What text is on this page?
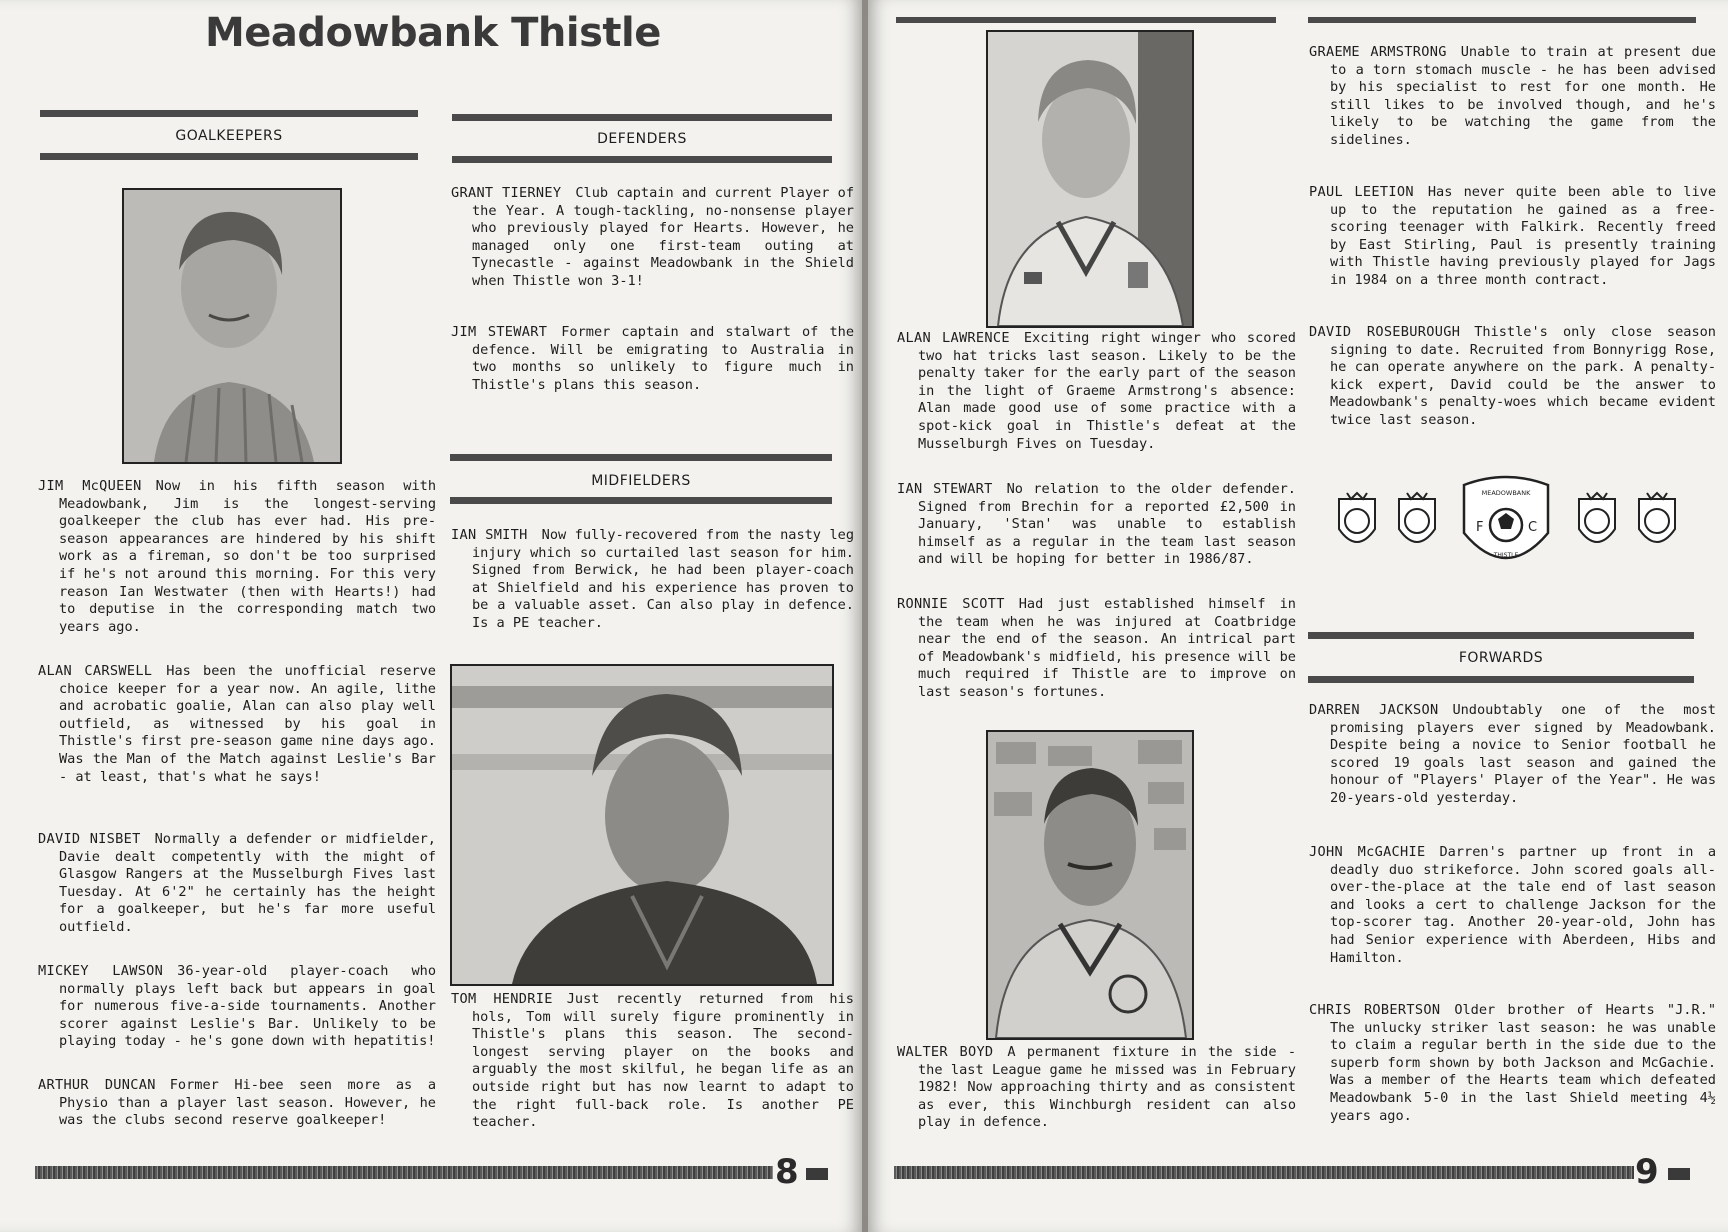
Meadowbank Thistle
GOALKEEPERS	DEFENDERS

JIM McQUEEN Now in his fifth season with Meadowbank, Jim is the longest-serving goalkeeper the club has ever had. His pre-season appearances are hindered by his shift work as a fireman, so don't be too surprised if he's not around this morning. For this very reason Ian Westwater (then with Hearts!) had to deputise in the corresponding match two years ago.

ALAN CARSWELL Has been the unofficial reserve choice keeper for a year now. An agile, lithe and acrobatic goalie, Alan can also play well outfield, as witnessed by his goal in Thistle's first pre-season game nine days ago. Was the Man of the Match against Leslie's Bar - at least, that's what he says!

DAVID NISBET Normally a defender or midfielder, Davie dealt competently with the might of Glasgow Rangers at the Musselburgh Fives last Tuesday. At 6'2" he certainly has the height for a goalkeeper, but he's far more useful outfield.

MICKEY LAWSON 36-year-old player-coach who normally plays left back but appears in goal for numerous five-a-side tournaments. Another scorer against Leslie's Bar. Unlikely to be playing today - he's gone down with hepatitis!

ARTHUR DUNCAN Former Hi-bee seen more as a Physio than a player last season. However, he was the clubs second reserve goalkeeper!

GRANT TIERNEY Club captain and current Player of the Year. A tough-tackling, no-nonsense player who previously played for Hearts. However, he managed only one first-team outing at Tynecastle - against Meadowbank in the Shield when Thistle won 3-1!

JIM STEWART Former captain and stalwart of the defence. Will be emigrating to Australia in two months so unlikely to figure much in Thistle's plans this season.

MIDFIELDERS

IAN SMITH Now fully-recovered from the nasty leg injury which so curtailed last season for him. Signed from Berwick, he had been player-coach at Shielfield and his experience has proven to be a valuable asset. Can also play in defence. Is a PE teacher.

TOM HENDRIE Just recently returned from his hols, Tom will surely figure prominently in Thistle's plans this season. The second-longest serving player on the books and arguably the most skilful, he began life as an outside right but has now learnt to adapt to the right full-back role. Is another PE teacher.

8

ALAN LAWRENCE Exciting right winger who scored two hat tricks last season. Likely to be the penalty taker for the early part of the season in the light of Graeme Armstrong's absence: Alan made good use of some practice with a spot-kick goal in Thistle's defeat at the Musselburgh Fives on Tuesday.

IAN STEWART No relation to the older defender. Signed from Brechin for a reported £2,500 in January, 'Stan' was unable to establish himself as a regular in the team last season and will be hoping for better in 1986/87.

RONNIE SCOTT Had just established himself in the team when he was injured at Coatbridge near the end of the season. An intrical part of Meadowbank's midfield, his presence will be much required if Thistle are to improve on last season's fortunes.

WALTER BOYD A permanent fixture in the side - the last League game he missed was in February 1982! Now approaching thirty and as consistent as ever, this Winchburgh resident can also play in defence.

GRAEME ARMSTRONG Unable to train at present due to a torn stomach muscle - he has been advised by his specialist to rest for one month. He still likes to be involved though, and he's likely to be watching the game from the sidelines.

PAUL LEETION Has never quite been able to live up to the reputation he gained as a free-scoring teenager with Falkirk. Recently freed by East Stirling, Paul is presently training with Thistle having previously played for Jags in 1984 on a three month contract.

DAVID ROSEBUROUGH Thistle's only close season signing to date. Recruited from Bonnyrigg Rose, he can operate anywhere on the park. A penalty-kick expert, David could be the answer to Meadowbank's penalty-woes which became evident twice last season.

FORWARDS

DARREN JACKSON Undoubtably one of the most promising players ever signed by Meadowbank. Despite being a novice to Senior football he scored 19 goals last season and gained the honour of "Players' Player of the Year". He was 20-years-old yesterday.

JOHN McGACHIE Darren's partner up front in a deadly duo strikeforce. John scored goals all-over-the-place at the tale end of last season and looks a cert to challenge Jackson for the top-scorer tag. Another 20-year-old, John has had Senior experience with Aberdeen, Hibs and Hamilton.

CHRIS ROBERTSON Older brother of Hearts "J.R." The unlucky striker last season: he was unable to claim a regular berth in the side due to the superb form shown by both Jackson and McGachie. Was a member of the Hearts team which defeated Meadowbank 5-0 in the last Shield meeting 4½ years ago.

9
F	C
MEADOWBANK
THISTLE
